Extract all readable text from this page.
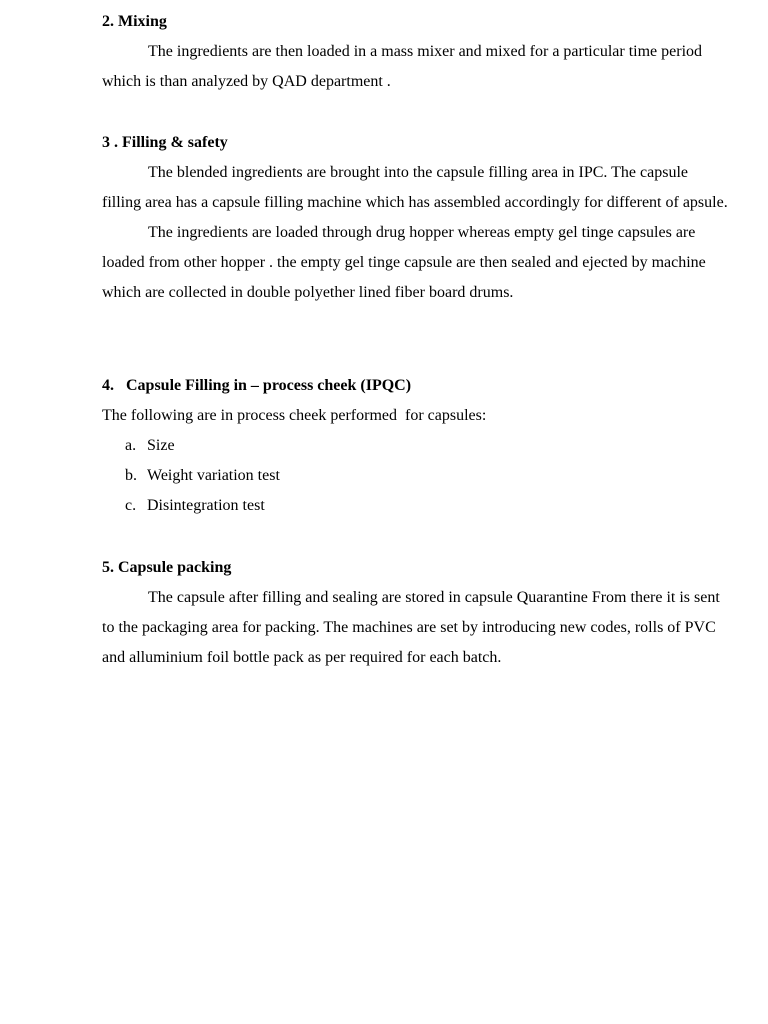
2. Mixing

The ingredients are then loaded in a mass mixer and mixed for a particular time period which is than analyzed by QAD department .

3 . Filling & safety

The blended ingredients are brought into the capsule filling area in IPC. The capsule filling area has a capsule filling machine which has assembled accordingly for different of apsule.

The ingredients are loaded through drug hopper whereas empty gel tinge capsules are loaded from other hopper . the empty gel tinge capsule are then sealed and ejected by machine which are collected in double polyether lined fiber board drums.

4.   Capsule Filling in – process cheek (IPQC)

The following are in process cheek performed  for capsules:

a. Size
b. Weight variation test
c. Disintegration test
5. Capsule packing

The capsule after filling and sealing are stored in capsule Quarantine From there it is sent to the packaging area for packing. The machines are set by introducing new codes, rolls of PVC and alluminium foil bottle pack as per required for each batch.
